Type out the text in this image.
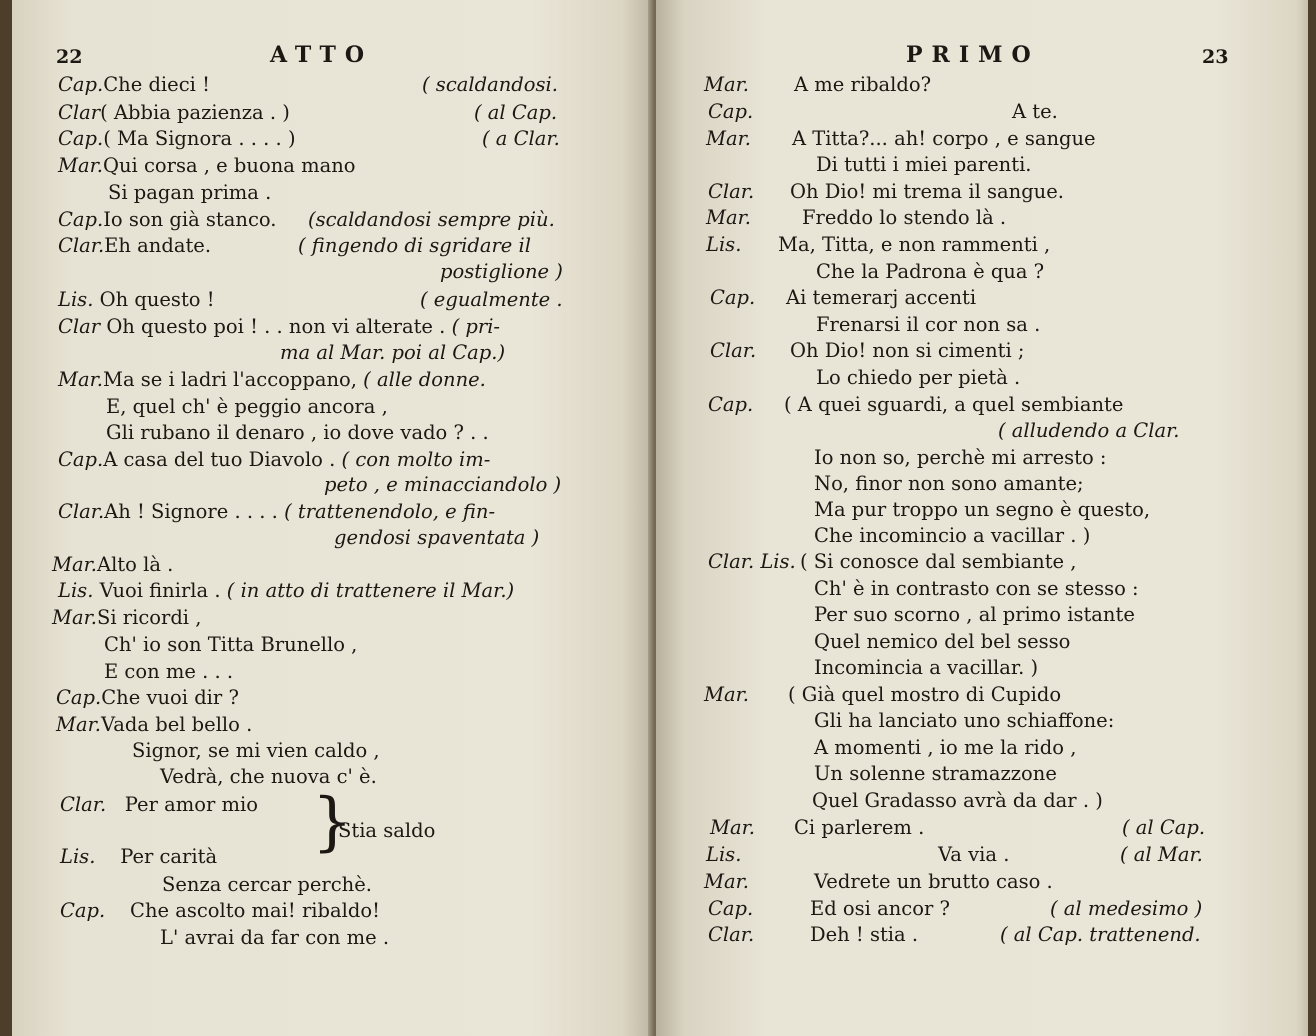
22	ATTO
Cap.Che dieci !	( scaldandosi.
Clar( Abbia pazienza . )	( al Cap.
Cap.( Ma Signora . . . . )	( a Clar.
Mar.Qui corsa , e buona mano
Si pagan prima .
Cap.Io son già stanco. (scaldandosi sempre più.
Clar.Eh andate.	( fingendo di sgridare il
postiglione )
Lis. Oh questo !	( egualmente .
Clar Oh questo poi ! . . non vi alterate . ( pri-
ma al Mar. poi al Cap.)
Mar.Ma se i ladri l'accoppano, ( alle donne.
E, quel ch' è peggio ancora ,
Gli rubano il denaro , io dove vado ? . .
Cap.A casa del tuo Diavolo . ( con molto im-
peto , e minacciandolo )
Clar.Ah ! Signore . . . . ( trattenendolo, e fin-
gendosi spaventata )
Mar.Alto là .
Lis. Vuoi finirla . ( in atto di trattenere il Mar.)
Mar.Si ricordi ,
Ch' io son Titta Brunello ,
E con me . . .
Cap.Che vuoi dir ?
Mar.Vada bel bello .
Signor, se mi vien caldo ,
Vedrà, che nuova c' è.
Clar. Per amor mio }
Stia saldo
Lis. Per carità
Senza cercar perchè.
Cap. Che ascolto mai! ribaldo!
L' avrai da far con me .
PRIMO	23
Mar. A me ribaldo?
Cap.	A te.
Mar. A Titta?... ah! corpo , e sangue
Di tutti i miei parenti.
Clar. Oh Dio! mi trema il sangue.
Mar.	Freddo lo stendo là .
Lis. Ma, Titta, e non rammenti ,
Che la Padrona è qua ?
Cap. Ai temerarj accenti
Frenarsi il cor non sa .
Clar. Oh Dio! non si cimenti ;
Lo chiedo per pietà .
Cap. ( A quei sguardi, a quel sembiante
( alludendo a Clar.
Io non so, perchè mi arresto :
No, finor non sono amante;
Ma pur troppo un segno è questo,
Che incomincio a vacillar . )
Clar. Lis. ( Si conosce dal sembiante ,
Ch' è in contrasto con se stesso :
Per suo scorno , al primo istante
Quel nemico del bel sesso
Incomincia a vacillar. )
Mar. ( Già quel mostro di Cupido
Gli ha lanciato uno schiaffone:
A momenti , io me la rido ,
Un solenne stramazzone
Quel Gradasso avrà da dar . )
Mar. Ci parlerem .	( al Cap.
Lis.	Va via .	( al Mar.
Mar.	Vedrete un brutto caso .
Cap.	Ed osi ancor ?	( al medesimo )
Clar.	Deh ! stia .	( al Cap. trattenend.
